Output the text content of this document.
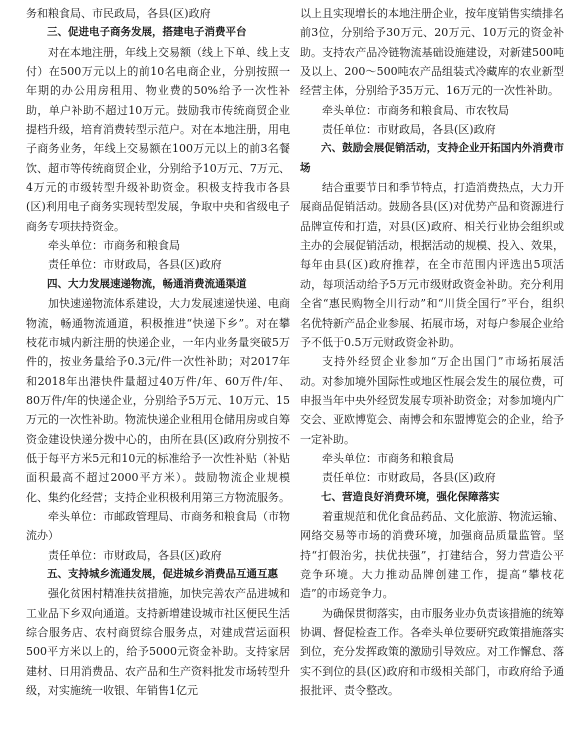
务和粮食局、市民政局，各县(区)政府

三、促进电子商务发展，搭建电子消费平台

对在本地注册，年线上交易额（线上下单、线上支付）在500万元以上的前10名电商企业，分别按照一年期的办公用房租用、物业费的50%给予一次性补助，单户补助不超过10万元。鼓励我市传统商贸企业提档升级，培育消费转型示范户。对在本地注册，用电子商务业务，年线上交易额在100万元以上的前3名餐饮、超市等传统商贸企业，分别给予10万元、7万元、4万元的市级转型升级补助资金。积极支持我市各县(区)利用电子商务实现转型发展，争取中央和省级电子商务专项扶持资金。

牵头单位：市商务和粮食局

责任单位：市财政局，各县(区)政府

四、大力发展速递物流，畅通消费流通渠道

加快速递物流体系建设，大力发展速递快递、电商物流，畅通物流通道，积极推进“快递下乡”。对在攀枝花市城内新注册的快递企业，一年内业务量突破5万件的，按业务量给予0.3元/件一次性补助；对2017年和2018年出港快件量超过40万件/年、60万件/年、80万件/年的快递企业，分别给予5万元、10万元、15万元的一次性补助。物流快递企业租用仓储用房或自筹资金建设快递分拨中心的，由所在县(区)政府分别按不低于每平方米5元和10元的标准给予一次性补贴（补贴面积最高不超过2000平方米）。鼓励物流企业规模化、集约化经营；支持企业积极利用第三方物流服务。

牵头单位：市邮政管理局、市商务和粮食局（市物流办）

责任单位：市财政局，各县(区)政府

五、支持城乡流通发展，促进城乡消费品互通互惠

强化贫困村精准扶贫措施，加快完善农产品进城和工业品下乡双向通道。支持新增建设城市社区便民生活综合服务店、农村商贸综合服务点，对建成营运面积500平方米以上的，给予5000元资金补助。支持家居建材、日用消费品、农产品和生产资料批发市场转型升级，对实施统一收银、年销售1亿元

以上且实现增长的本地注册企业，按年度销售实绩排名前3位，分别给予30万元、20万元、10万元的资金补助。支持农产品冷链物流基础设施建设，对新建500吨及以上、200～500吨农产品组装式冷藏库的农业新型经营主体，分别给予35万元、16万元的一次性补助。

牵头单位：市商务和粮食局、市农牧局

责任单位：市财政局，各县(区)政府

六、鼓励会展促销活动，支持企业开拓国内外消费市场

结合重要节日和季节特点，打造消费热点，大力开展商品促销活动。鼓励各县(区)对优势产品和资源进行品牌宣传和打造，对县(区)政府、相关行业协会组织或主办的会展促销活动，根据活动的规模、投入、效果，每年由县(区)政府推荐，在全市范围内评选出5项活动，每项活动给予5万元市级财政资金补助。充分利用全省“惠民购物全川行动”和“川货全国行”平台，组织名优特新产品企业参展、拓展市场，对每户参展企业给予不低于0.5万元财政资金补助。

支持外经贸企业参加“万企出国门”市场拓展活动。对参加境外国际性或地区性展会发生的展位费，可申报当年中央外经贸发展专项补助资金；对参加境内广交会、亚欧博览会、南博会和东盟博览会的企业，给予一定补助。

牵头单位：市商务和粮食局

责任单位：市财政局，各县(区)政府

七、营造良好消费环境，强化保障落实

着重规范和优化食品药品、文化旅游、物流运输、网络交易等市场的消费环境，加强商品质量监管。坚持“打假治劣，扶优扶强”，打建结合，努力营造公平竞争环境。大力推动品牌创建工作，提高“攀枝花造”的市场竞争力。

为确保贯彻落实，由市服务业办负责该措施的统筹协调、督促检查工作。各牵头单位要研究政策措施落实到位，充分发挥政策的激励引导效应。对工作懈怠、落实不到位的县(区)政府和市级相关部门，市政府给予通报批评、责令整改。
